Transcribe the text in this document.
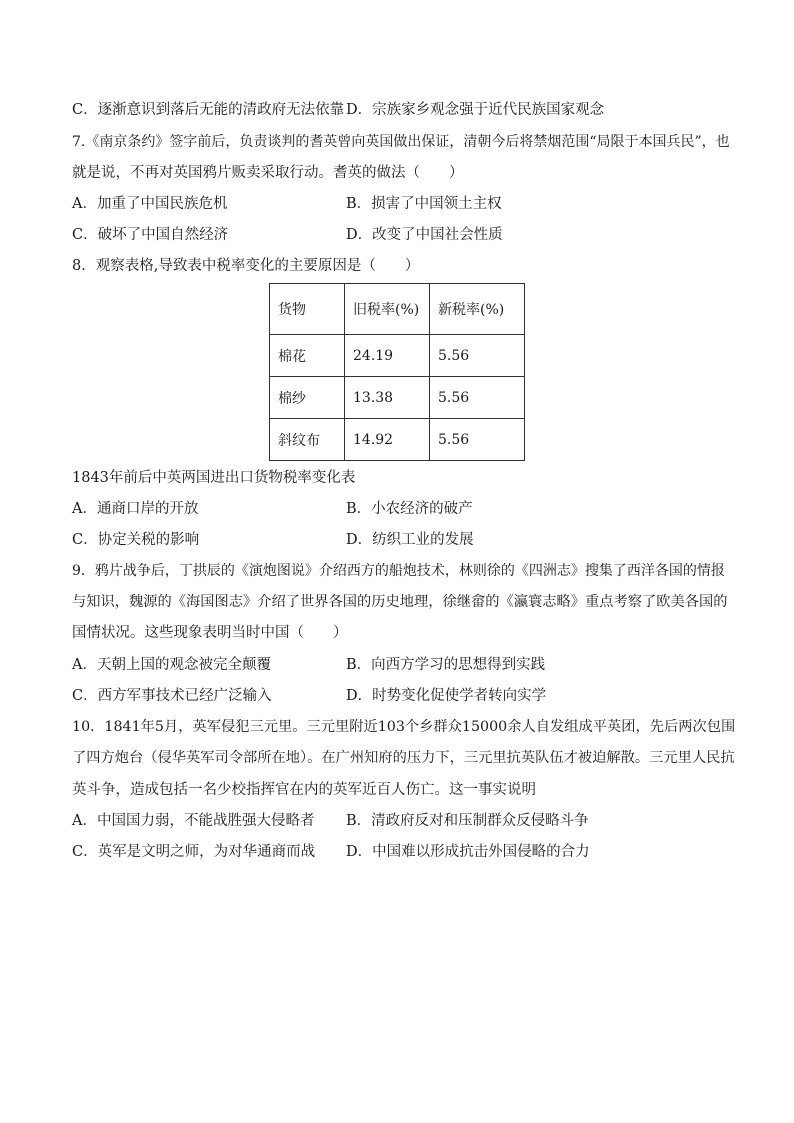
C．逐渐意识到落后无能的清政府无法依靠 D．宗族家乡观念强于近代民族国家观念
7.《南京条约》签字前后，负责谈判的耆英曾向英国做出保证，清朝今后将禁烟范围“局限于本国兵民”，也
就是说，不再对英国鸦片贩卖采取行动。耆英的做法（　　）
A．加重了中国民族危机	B．损害了中国领土主权
C．破坏了中国自然经济	D．改变了中国社会性质
8．观察表格,导致表中税率变化的主要原因是（　　）
货物	旧税率(%)	新税率(%)
棉花	24.19	5.56
棉纱	13.38	5.56
斜纹布	14.92	5.56
1843年前后中英两国进出口货物税率变化表
A．通商口岸的开放	B．小农经济的破产
C．协定关税的影响	D．纺织工业的发展
9．鸦片战争后，丁拱辰的《演炮图说》介绍西方的船炮技术，林则徐的《四洲志》搜集了西洋各国的情报
与知识，魏源的《海国图志》介绍了世界各国的历史地理，徐继畲的《瀛寰志略》重点考察了欧美各国的
国情状况。这些现象表明当时中国（　　）
A．天朝上国的观念被完全颠覆	B．向西方学习的思想得到实践
C．西方军事技术已经广泛输入	D．时势变化促使学者转向实学
10．1841年5月，英军侵犯三元里。三元里附近103个乡群众15000余人自发组成平英团，先后两次包围
了四方炮台（侵华英军司令部所在地）。在广州知府的压力下，三元里抗英队伍才被迫解散。三元里人民抗
英斗争，造成包括一名少校指挥官在内的英军近百人伤亡。这一事实说明
A．中国国力弱，不能战胜强大侵略者 B．清政府反对和压制群众反侵略斗争
C．英军是文明之师，为对华通商而战 D．中国难以形成抗击外国侵略的合力
